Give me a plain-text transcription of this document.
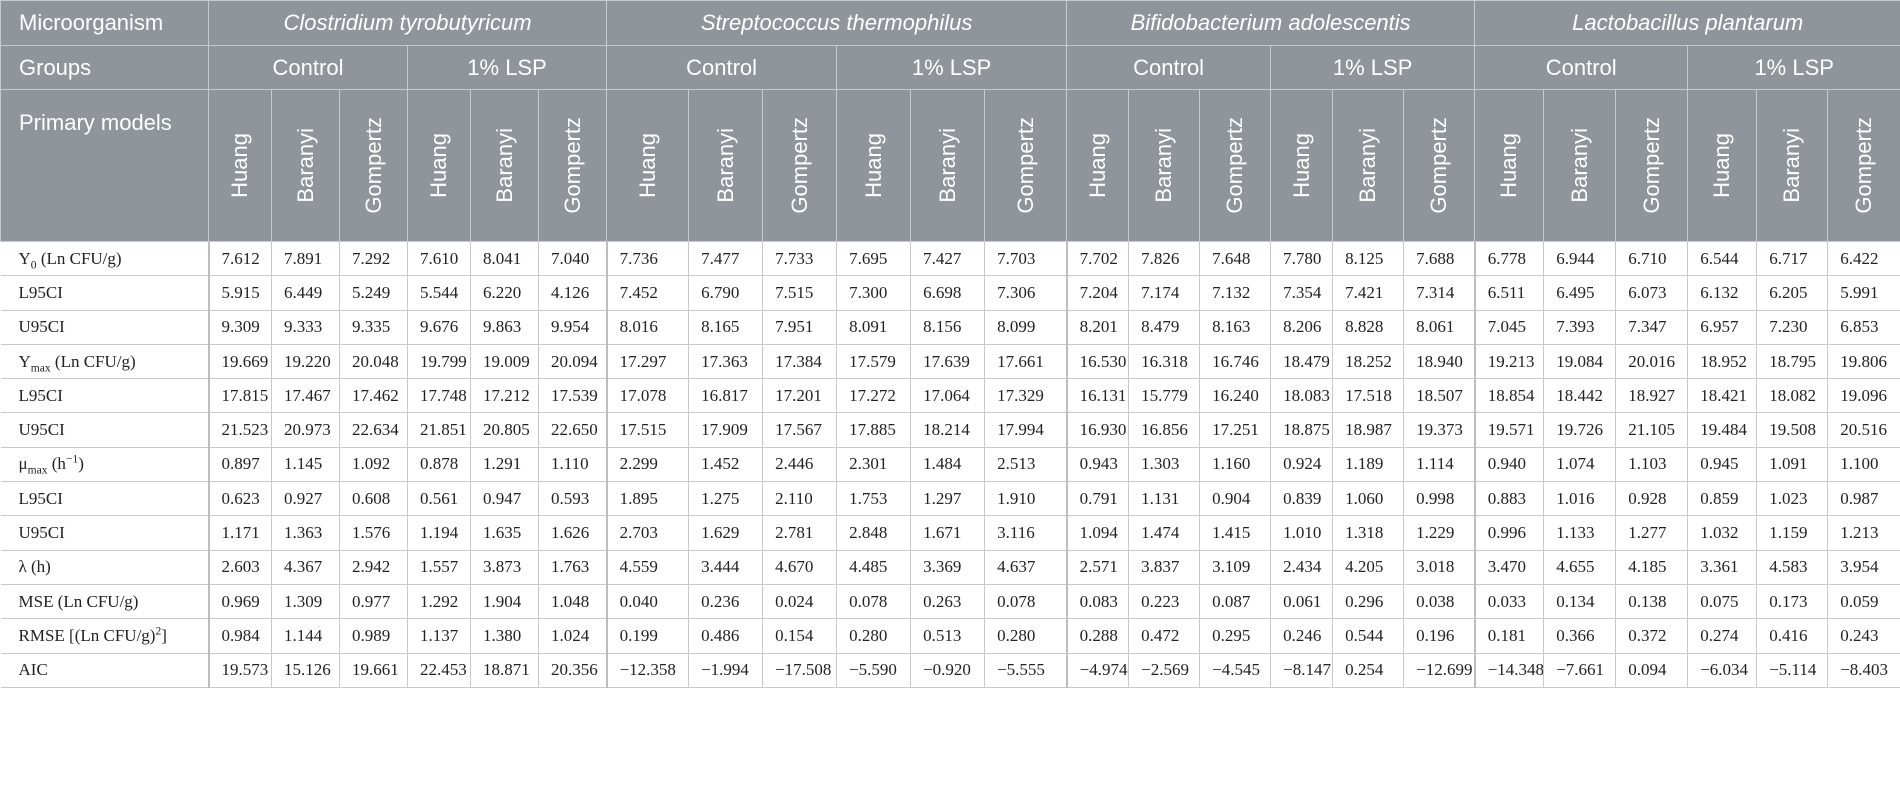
Microorganism	Clostridium tyrobutyricum						Streptococcus thermophilus						Bifidobacterium adolescentis						Lactobacillus plantarum					
Groups	Control			1% LSP			Control			1% LSP			Control			1% LSP			Control			1% LSP		
Primary models	Huang	Baranyi	Gompertz	Huang	Baranyi	Gompertz	Huang	Baranyi	Gompertz	Huang	Baranyi	Gompertz	Huang	Baranyi	Gompertz	Huang	Baranyi	Gompertz	Huang	Baranyi	Gompertz	Huang	Baranyi	Gompertz

$Y_0$ (Ln CFU/g)	7.612	7.891	7.292	7.610	8.041	7.040	7.736	7.477	7.733	7.695	7.427	7.703	7.702	7.826	7.648	7.780	8.125	7.688	6.778	6.944	6.710	6.544	6.717	6.422
L95CI	5.915	6.449	5.249	5.544	6.220	4.126	7.452	6.790	7.515	7.300	6.698	7.306	7.204	7.174	7.132	7.354	7.421	7.314	6.511	6.495	6.073	6.132	6.205	5.991
U95CI	9.309	9.333	9.335	9.676	9.863	9.954	8.016	8.165	7.951	8.091	8.156	8.099	8.201	8.479	8.163	8.206	8.828	8.061	7.045	7.393	7.347	6.957	7.230	6.853
$Y_{max}$ (Ln CFU/g)	19.669	19.220	20.048	19.799	19.009	20.094	17.297	17.363	17.384	17.579	17.639	17.661	16.530	16.318	16.746	18.479	18.252	18.940	19.213	19.084	20.016	18.952	18.795	19.806
L95CI	17.815	17.467	17.462	17.748	17.212	17.539	17.078	16.817	17.201	17.272	17.064	17.329	16.131	15.779	16.240	18.083	17.518	18.507	18.854	18.442	18.927	18.421	18.082	19.096
U95CI	21.523	20.973	22.634	21.851	20.805	22.650	17.515	17.909	17.567	17.885	18.214	17.994	16.930	16.856	17.251	18.875	18.987	19.373	19.571	19.726	21.105	19.484	19.508	20.516
$\mu_{max}$ $(h^{-1})$	0.897	1.145	1.092	0.878	1.291	1.110	2.299	1.452	2.446	2.301	1.484	2.513	0.943	1.303	1.160	0.924	1.189	1.114	0.940	1.074	1.103	0.945	1.091	1.100
L95CI	0.623	0.927	0.608	0.561	0.947	0.593	1.895	1.275	2.110	1.753	1.297	1.910	0.791	1.131	0.904	0.839	1.060	0.998	0.883	1.016	0.928	0.859	1.023	0.987
U95CI	1.171	1.363	1.576	1.194	1.635	1.626	2.703	1.629	2.781	2.848	1.671	3.116	1.094	1.474	1.415	1.010	1.318	1.229	0.996	1.133	1.277	1.032	1.159	1.213
λ (h)	2.603	4.367	2.942	1.557	3.873	1.763	4.559	3.444	4.670	4.485	3.369	4.637	2.571	3.837	3.109	2.434	4.205	3.018	3.470	4.655	4.185	3.361	4.583	3.954
MSE (Ln CFU/g)	0.969	1.309	0.977	1.292	1.904	1.048	0.040	0.236	0.024	0.078	0.263	0.078	0.083	0.223	0.087	0.061	0.296	0.038	0.033	0.134	0.138	0.075	0.173	0.059
RMSE [(Ln CFU/g)$^2$]	0.984	1.144	0.989	1.137	1.380	1.024	0.199	0.486	0.154	0.280	0.513	0.280	0.288	0.472	0.295	0.246	0.544	0.196	0.181	0.366	0.372	0.274	0.416	0.243
AIC	19.573	15.126	19.661	22.453	18.871	20.356	−12.358	−1.994	−17.508	−5.590	−0.920	−5.555	−4.974	−2.569	−4.545	−8.147	0.254	−12.699	−14.348	−7.661	0.094	−6.034	−5.114	−8.403
